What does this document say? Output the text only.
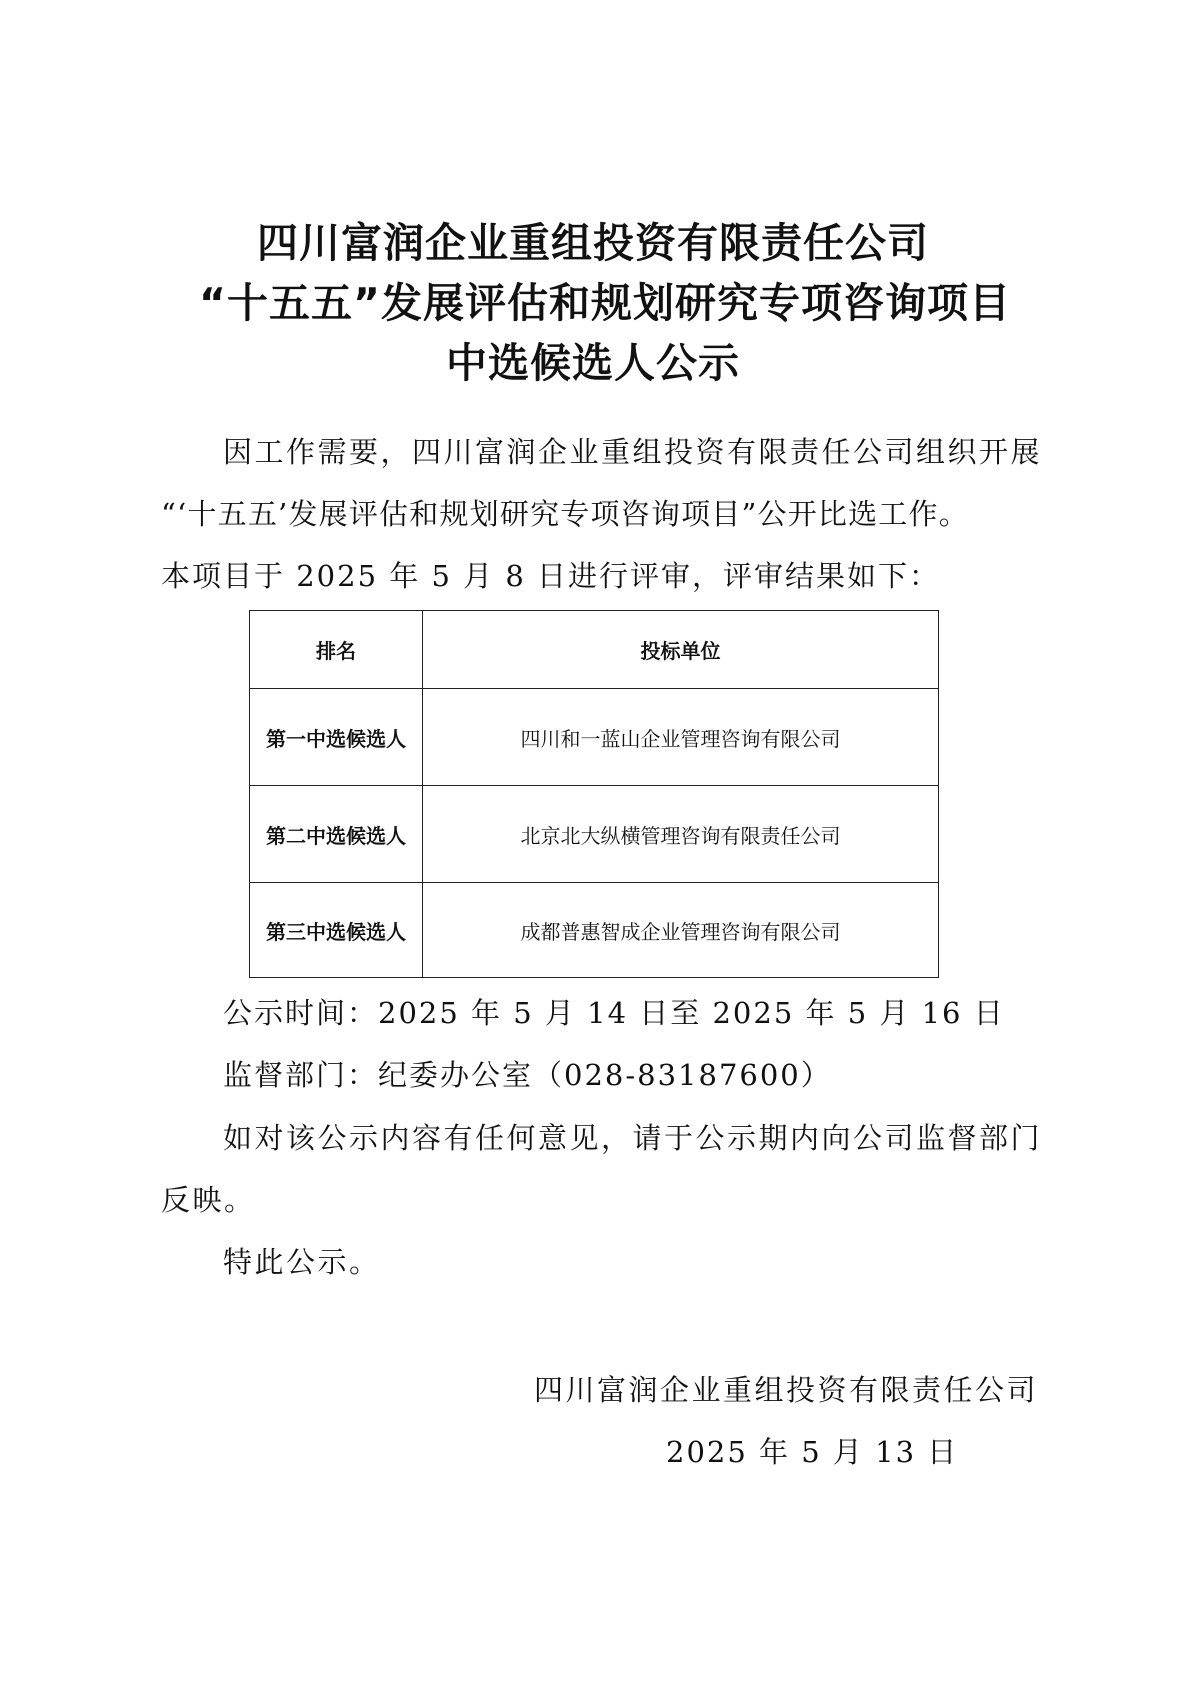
四川富润企业重组投资有限责任公司
“十五五”发展评估和规划研究专项咨询项目
中选候选人公示
因工作需要，四川富润企业重组投资有限责任公司组织开展
“‘十五五’发展评估和规划研究专项咨询项目”公开比选工作。
本项目于 2025 年 5 月 8 日进行评审，评审结果如下：
排名	投标单位
第一中选候选人	四川和一蓝山企业管理咨询有限公司
第二中选候选人	北京北大纵横管理咨询有限责任公司
第三中选候选人	成都普惠智成企业管理咨询有限公司
公示时间：2025 年 5 月 14 日至 2025 年 5 月 16 日
监督部门：纪委办公室（028-83187600）
如对该公示内容有任何意见，请于公示期内向公司监督部门
反映。
特此公示。
四川富润企业重组投资有限责任公司
2025 年 5 月 13 日
